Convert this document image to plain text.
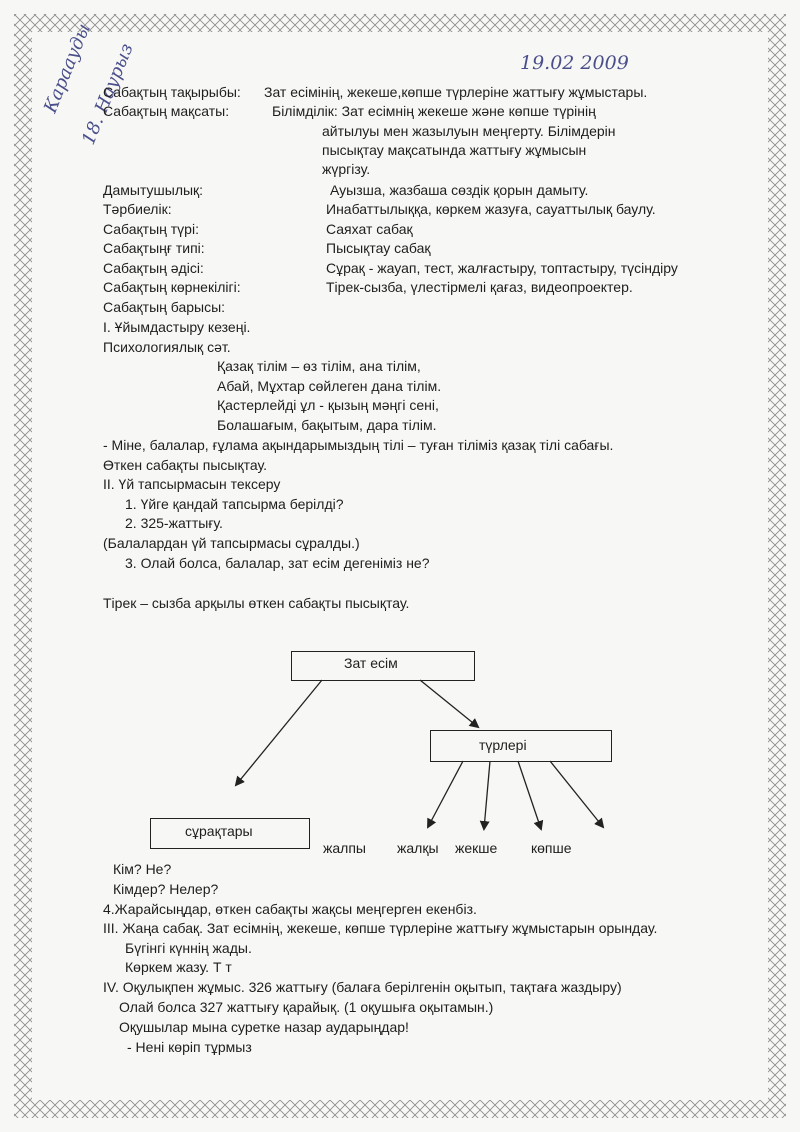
19.02 2009
Караауды
18. Наурыз
Сабақтың тақырыбы: Зат есімінің, жекеше,көпше түрлеріне жаттығу жұмыстары.
Сабақтың мақсаты:	Білімділік: Зат есімнің жекеше және көпше түрінің
айтылуы мен жазылуын меңгерту. Білімдерін
пысықтау мақсатында жаттығу жұмысын
жүргізу.
Дамытушылық:	Ауызша, жазбаша сөздік қорын дамыту.
Тәрбиелік:	Инабаттылыққа, көркем жазуға, сауаттылық баулу.
Сабақтың түрі:	Саяхат сабақ
Сабақтыңғ типі:	Пысықтау сабақ
Сабақтың әдісі:	Сұрақ - жауап, тест, жалғастыру, топтастыру, түсіндіру
Сабақтың көрнекілігі:	Тірек-сызба, үлестірмелі қағаз, видеопроектер.
Сабақтың барысы:
І. Ұйымдастыру кезеңі.
Психологиялық сәт.
Қазақ тілім – өз тілім, ана тілім,
Абай, Мұхтар сөйлеген дана тілім.
Қастерлейді ұл - қызың мәңгі сені,
Болашағым, бақытым, дара тілім.
- Міне, балалар, ғұлама ақындарымыздың тілі – туған тіліміз қазақ тілі сабағы.
Өткен сабақты пысықтау.
ІІ. Үй тапсырмасын тексеру
1. Үйге қандай тапсырма берілді?
2. 325-жаттығу.
(Балалардан үй тапсырмасы сұралды.)
3. Олай болса, балалар, зат есім дегеніміз не?
Тірек – сызба арқылы өткен сабақты пысықтау.
Зат есім
түрлері
сұрақтары
жалпы жалқы жекше көпше
Кім? Не?
Кімдер? Нелер?
4.Жарайсыңдар, өткен сабақты жақсы меңгерген екенбіз.
ІІІ. Жаңа сабақ. Зат есімнің, жекеше, көпше түрлеріне жаттығу жұмыстарын орындау.
Бүгінгі күннің жады.
Көркем жазу. Т т
ІV. Оқулықпен жұмыс. 326 жаттығу (балаға берілгенін оқытып, тақтаға жаздыру)
Олай болса 327 жаттығу қарайық. (1 оқушыға оқытамын.)
Оқушылар мына суретке назар аударыңдар!
- Нені көріп тұрмыз
